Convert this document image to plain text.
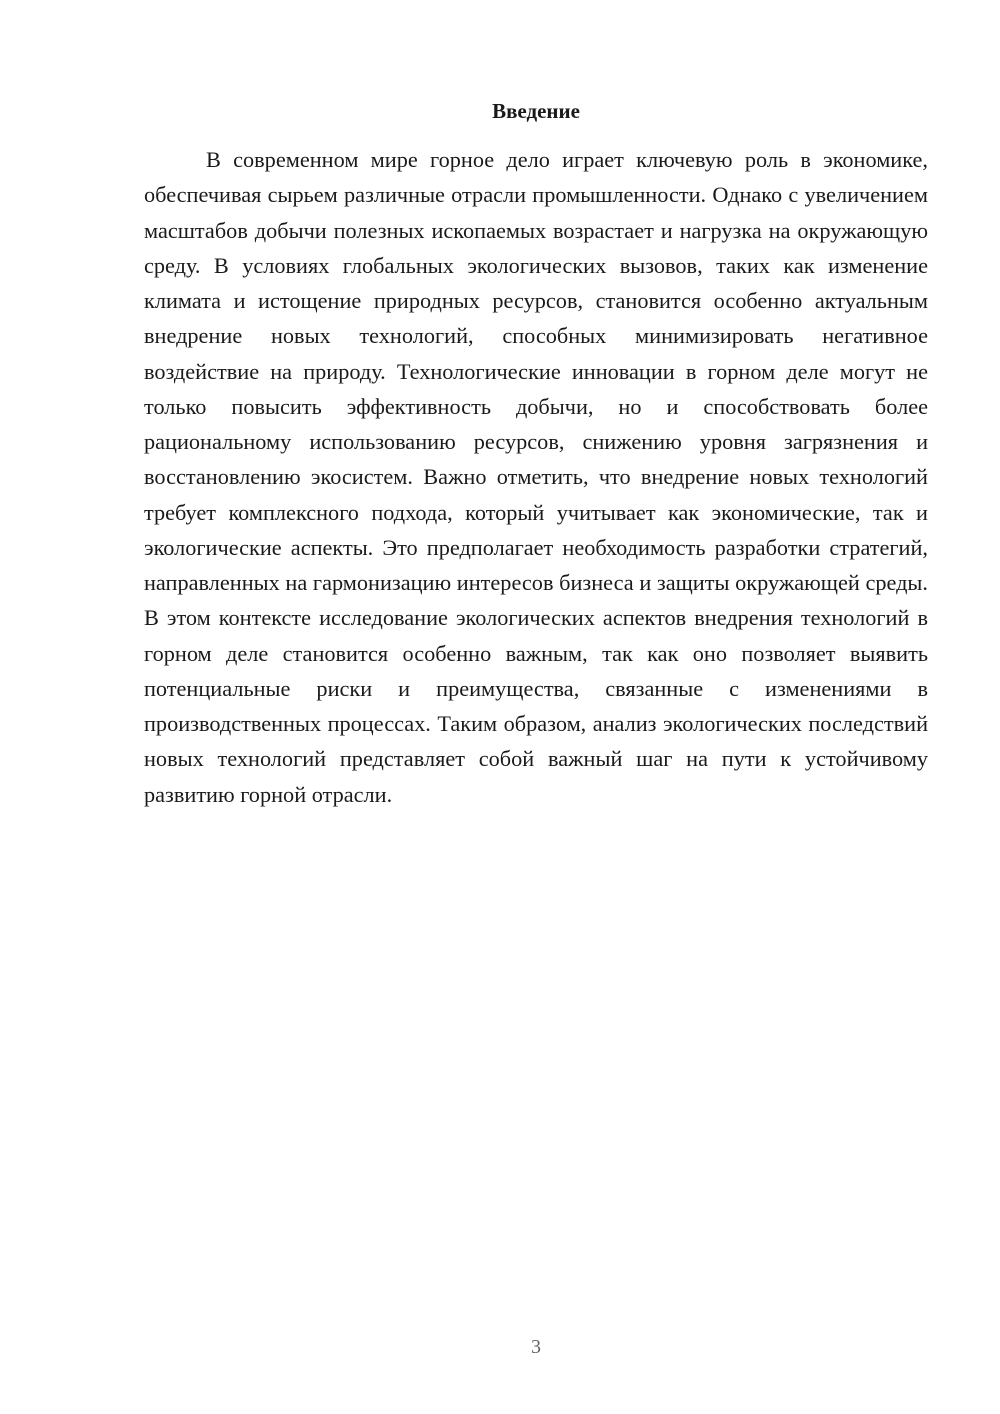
Введение

В современном мире горное дело играет ключевую роль в экономике, обеспечивая сырьем различные отрасли промышленности. Однако с увеличением масштабов добычи полезных ископаемых возрастает и нагрузка на окружающую среду. В условиях глобальных экологических вызовов, таких как изменение климата и истощение природных ресурсов, становится особенно актуальным внедрение новых технологий, способных минимизировать негативное воздействие на природу. Технологические инновации в горном деле могут не только повысить эффективность добычи, но и способствовать более рациональному использованию ресурсов, снижению уровня загрязнения и восстановлению экосистем. Важно отметить, что внедрение новых технологий требует комплексного подхода, который учитывает как экономические, так и экологические аспекты. Это предполагает необходимость разработки стратегий, направленных на гармонизацию интересов бизнеса и защиты окружающей среды. В этом контексте исследование экологических аспектов внедрения технологий в горном деле становится особенно важным, так как оно позволяет выявить потенциальные риски и преимущества, связанные с изменениями в производственных процессах. Таким образом, анализ экологических последствий новых технологий представляет собой важный шаг на пути к устойчивому развитию горной отрасли.

3
